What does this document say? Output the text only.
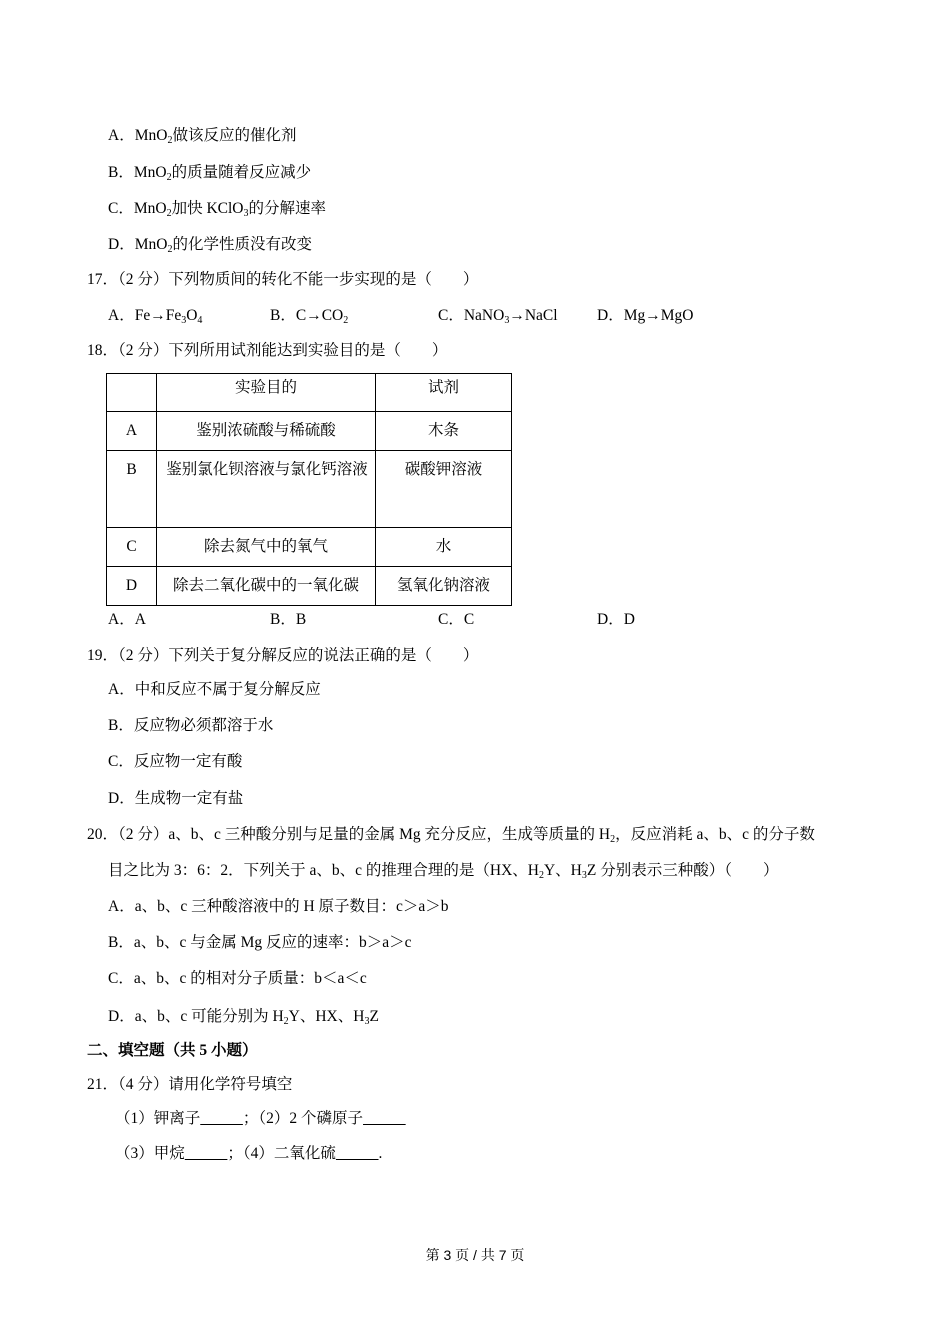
A．MnO$_2$做该反应的催化剂
B．MnO$_2$的质量随着反应减少
C．MnO$_2$加快 KClO$_3$的分解速率
D．MnO$_2$的化学性质没有改变
17．（2 分）下列物质间的转化不能一步实现的是（　　）
A．$Fe\to Fe_3O_4$	B．$C\to CO_2$	C．NaNO$_3$→NaCl	D．Mg→MgO
18．（2 分）下列所用试剂能达到实验目的是（　　）
	实验目的	试剂
A	鉴别浓硫酸与稀硫酸	木条
B	鉴别氯化钡溶液与氯化钙溶液	碳酸钾溶液
C	除去氮气中的氧气	水
D	除去二氧化碳中的一氧化碳	氢氧化钠溶液
A．A	B．B	C．C	D．D
19．（2 分）下列关于复分解反应的说法正确的是（　　）
A．中和反应不属于复分解反应
B．反应物必须都溶于水
C．反应物一定有酸
D．生成物一定有盐
20．（2 分）a、b、c 三种酸分别与足量的金属 Mg 充分反应，生成等质量的 $H_2$，反应消耗 a、b、c 的分子数
目之比为 3：6：2．下列关于 a、b、c 的推理合理的是（HX、$H_2Y$、$H_3Z$ 分别表示三种酸）（　　）
A．a、b、c 三种酸溶液中的 H 原子数目：c＞a＞b
B．a、b、c 与金属 Mg 反应的速率：b＞a＞c
C．a、b、c 的相对分子质量：b＜a＜c
D．a、b、c 可能分别为 $H_2Y$、HX、$H_3Z$
二、填空题（共 5 小题）
21．（4 分）请用化学符号填空
（1）钾离子	；（2）2 个磷原子
（3）甲烷	；（4）二氧化硫	.
第 3 页 / 共 7 页
